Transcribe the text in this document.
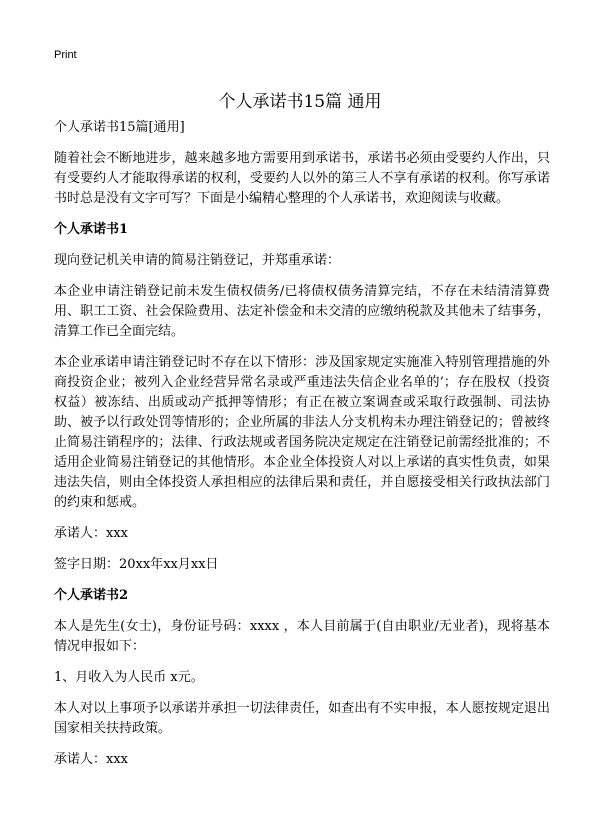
Print
个人承诺书15篇 通用

个人承诺书15篇[通用]

随着社会不断地进步，越来越多地方需要用到承诺书，承诺书必须由受要约人作出，只有受要约人才能取得承诺的权利，受要约人以外的第三人不享有承诺的权利。你写承诺书时总是没有文字可写？下面是小编精心整理的个人承诺书，欢迎阅读与收藏。

个人承诺书1

现向登记机关申请的简易注销登记，并郑重承诺：

本企业申请注销登记前未发生债权债务/已将债权债务清算完结，不存在未结清清算费用、职工工资、社会保险费用、法定补偿金和未交清的应缴纳税款及其他未了结事务，清算工作已全面完结。

本企业承诺申请注销登记时不存在以下情形：涉及国家规定实施准入特别管理措施的外商投资企业；被列入企业经营异常名录或严重违法失信企业名单的’；存在股权（投资权益）被冻结、出质或动产抵押等情形；有正在被立案调查或采取行政强制、司法协助、被予以行政处罚等情形的；企业所属的非法人分支机构未办理注销登记的；曾被终止简易注销程序的；法律、行政法规或者国务院决定规定在注销登记前需经批准的；不适用企业简易注销登记的其他情形。本企业全体投资人对以上承诺的真实性负责，如果违法失信，则由全体投资人承担相应的法律后果和责任，并自愿接受相关行政执法部门的约束和惩戒。

承诺人：xxx

签字日期：20xx年xx月xx日

个人承诺书2

本人是先生(女士)，身份证号码：xxxx ，本人目前属于(自由职业/无业者)，现将基本情况申报如下：

1、月收入为人民币 x元。

本人对以上事项予以承诺并承担一切法律责任，如查出有不实申报，本人愿按规定退出国家相关扶持政策。

承诺人：xxx
